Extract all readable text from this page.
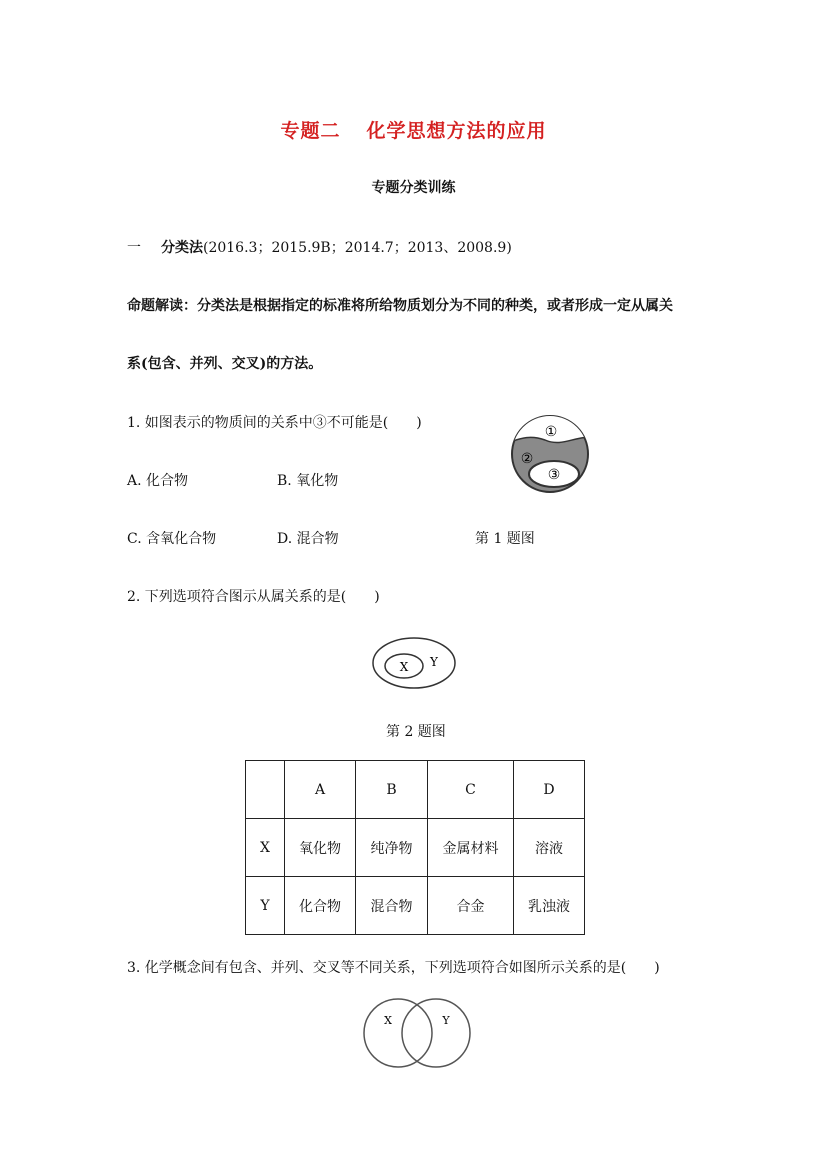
专题二 化学思想方法的应用
专题分类训练
一 分类法(2016.3；2015.9B；2014.7；2013、2008.9)
命题解读：分类法是根据指定的标准将所给物质划分为不同的种类，或者形成一定从属关
系(包含、并列、交叉)的方法。
1. 如图表示的物质间的关系中③不可能是(　　)
A. 化合物	B. 氧化物
C. 含氧化合物	D. 混合物	第 1 题图
①
②
③
2. 下列选项符合图示从属关系的是(　　)
X Y
第 2 题图
	A	B	C	D
X	氧化物	纯净物	金属材料	溶液
Y	化合物	混合物	合金	乳浊液
3. 化学概念间有包含、并列、交叉等不同关系，下列选项符合如图所示关系的是(　　)
X	Y
